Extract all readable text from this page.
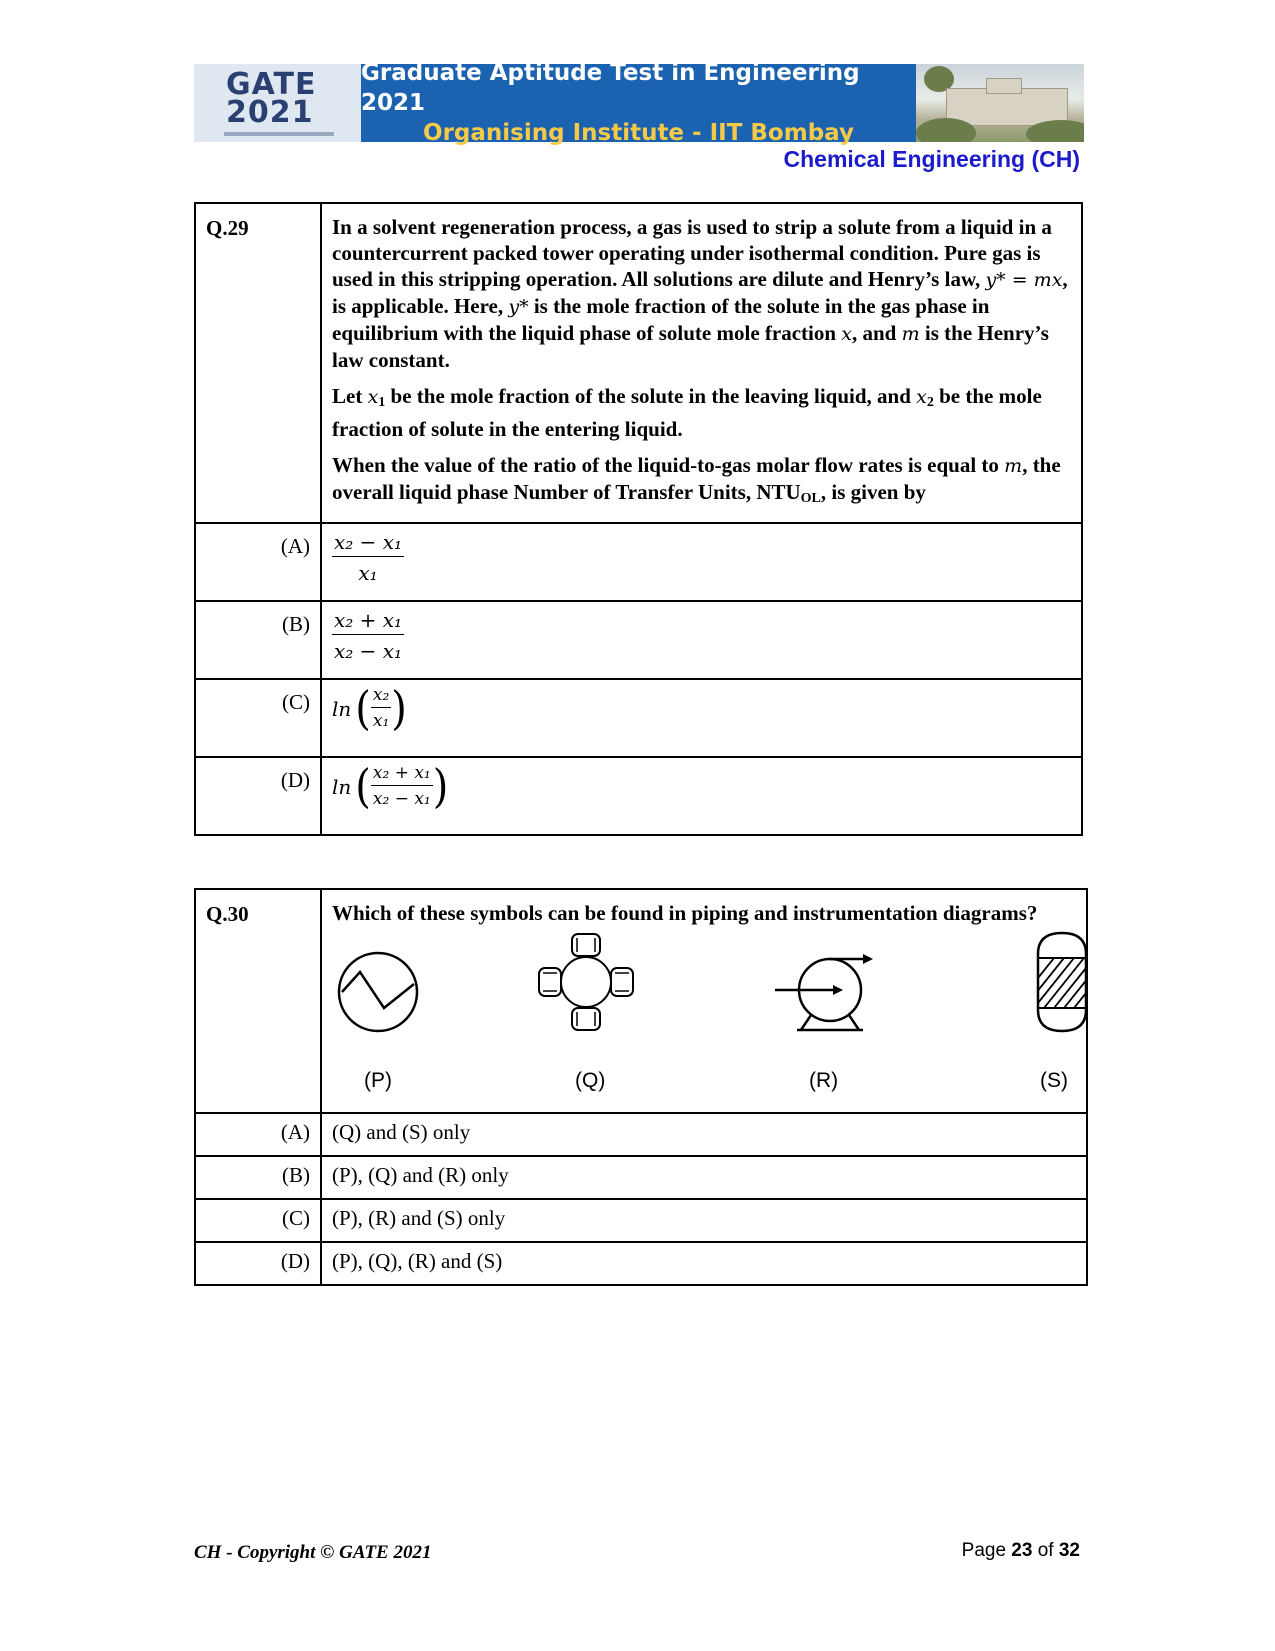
GATE
2021
Graduate Aptitude Test in Engineering 2021
Organising Institute - IIT Bombay
Chemical Engineering (CH)
Q.29	In a solvent regeneration process, a gas is used to strip a solute from a liquid in a countercurrent packed tower operating under isothermal condition. Pure gas is used in this stripping operation. All solutions are dilute and Henry’s law, y* = mx, is applicable. Here, y* is the mole fraction of the solute in the gas phase in equilibrium with the liquid phase of solute mole fraction x, and m is the Henry’s law constant.

Let $x_1$ be the mole fraction of the solute in the leaving liquid, and $x_2$ be the mole fraction of solute in the entering liquid.

When the value of the ratio of the liquid-to-gas molar flow rates is equal to m, the overall liquid phase Number of Transfer Units, $NTU_{OL}$, is given by

(A)	$\frac{\text{x₂ − x₁}}{\text{x₁}}$

(B)	$\frac{\text{x₂ + x₁}}{\text{x₂ − x₁}}$

(C)	ln ( $\frac{\text{x₂}}{\text{x₁}}$ )
(D)	ln ( $\frac{\text{x₂ + x₁}}{\text{x₂ − x₁}}$ )
Q.30	Which of these symbols can be found in piping and instrumentation diagrams?

(P) (Q) (R) (S)

(A)	(Q) and (S) only
(B)	(P), (Q) and (R) only
(C)	(P), (R) and (S) only
(D)	(P), (Q), (R) and (S)
CH - Copyright © GATE 2021	Page 23 of 32
